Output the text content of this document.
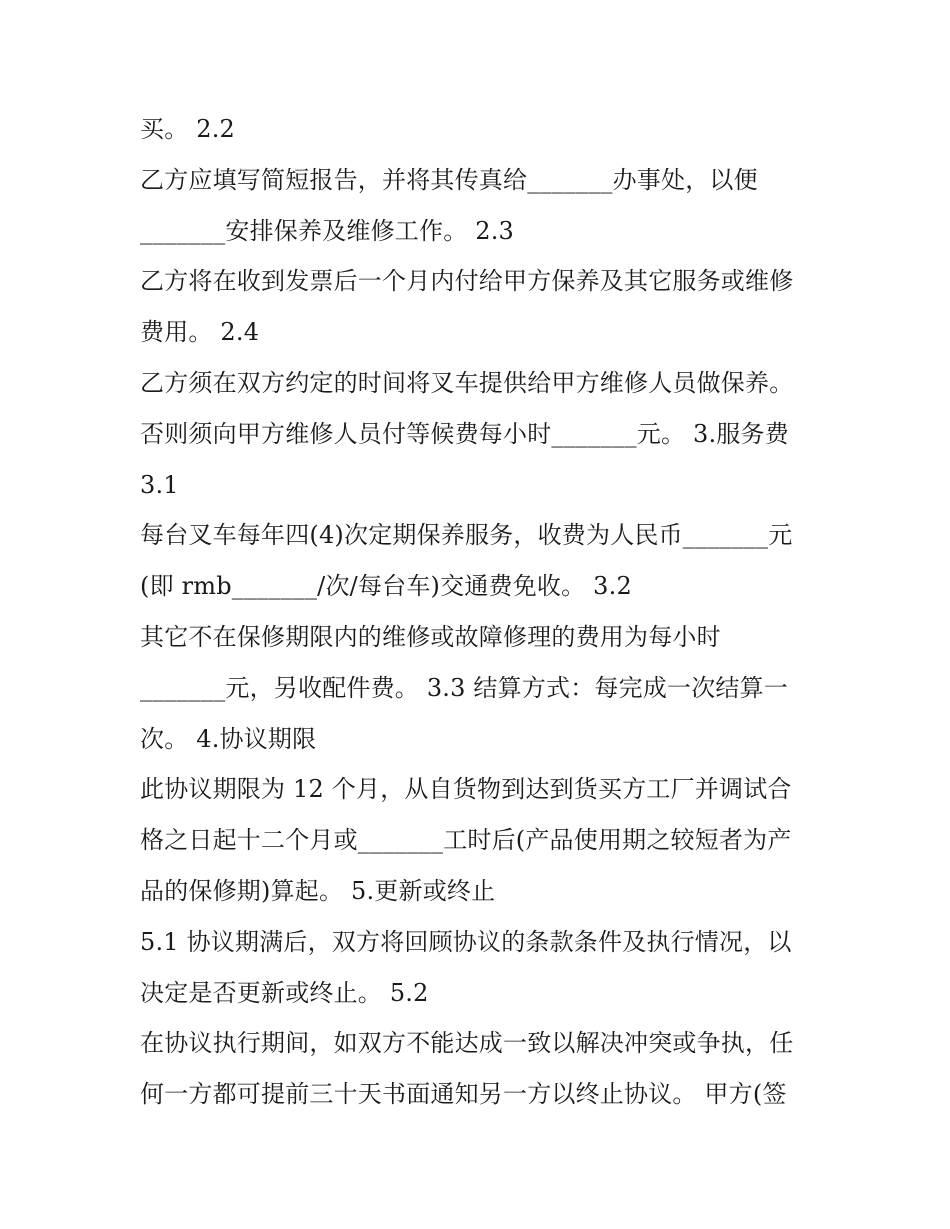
买。 2.2
乙方应填写简短报告，并将其传真给_______办事处，以便
_______安排保养及维修工作。 2.3
乙方将在收到发票后一个月内付给甲方保养及其它服务或维修
费用。 2.4
乙方须在双方约定的时间将叉车提供给甲方维修人员做保养。
否则须向甲方维修人员付等候费每小时_______元。 3.服务费
3.1
每台叉车每年四(4)次定期保养服务，收费为人民币_______元
(即 rmb_______/次/每台车)交通费免收。 3.2
其它不在保修期限内的维修或故障修理的费用为每小时
_______元，另收配件费。 3.3 结算方式：每完成一次结算一
次。 4.协议期限
此协议期限为 12 个月，从自货物到达到货买方工厂并调试合
格之日起十二个月或_______工时后(产品使用期之较短者为产
品的保修期)算起。 5.更新或终止
5.1 协议期满后，双方将回顾协议的条款条件及执行情况，以
决定是否更新或终止。 5.2
在协议执行期间，如双方不能达成一致以解决冲突或争执，任
何一方都可提前三十天书面通知另一方以终止协议。 甲方(签
